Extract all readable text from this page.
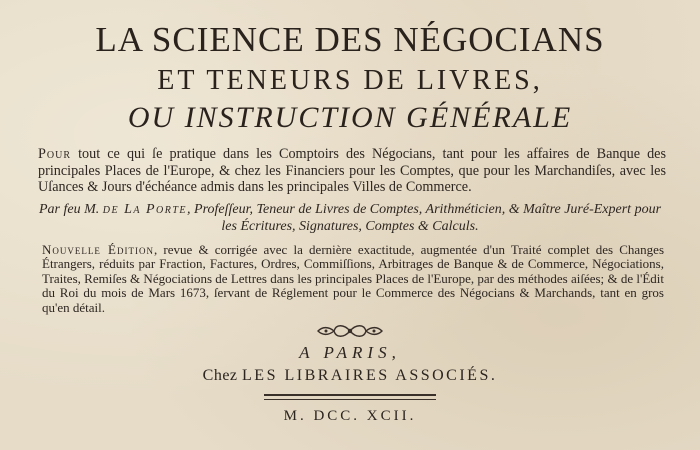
LA SCIENCE DES NÉGOCIANS
ET TENEURS DE LIVRES,
OU INSTRUCTION GÉNÉRALE

Pour tout ce qui ſe pratique dans les Comptoirs des Négocians, tant pour les affaires de Banque des principales Places de l'Europe, & chez les Financiers pour les Comptes, que pour les Marchandiſes, avec les Uſances & Jours d'échéance admis dans les principales Villes de Commerce.

Par feu M. de La Porte, Profeſſeur, Teneur de Livres de Comptes, Arithméticien, & Maître Juré-Expert pour les Écritures, Signatures, Comptes & Calculs.

Nouvelle Édition, revue & corrigée avec la dernière exactitude, augmentée d'un Traité complet des Changes Étrangers, réduits par Fraction, Factures, Ordres, Commiſſions, Arbitrages de Banque & de Commerce, Négociations, Traites, Remiſes & Négociations de Lettres dans les principales Places de l'Europe, par des méthodes aiſées; & de l'Édit du Roi du mois de Mars 1673, ſervant de Réglement pour le Commerce des Négocians & Marchands, tant en gros qu'en détail.

A PARIS,
Chez LES LIBRAIRES ASSOCIÉS.
M. DCC. XCII.
